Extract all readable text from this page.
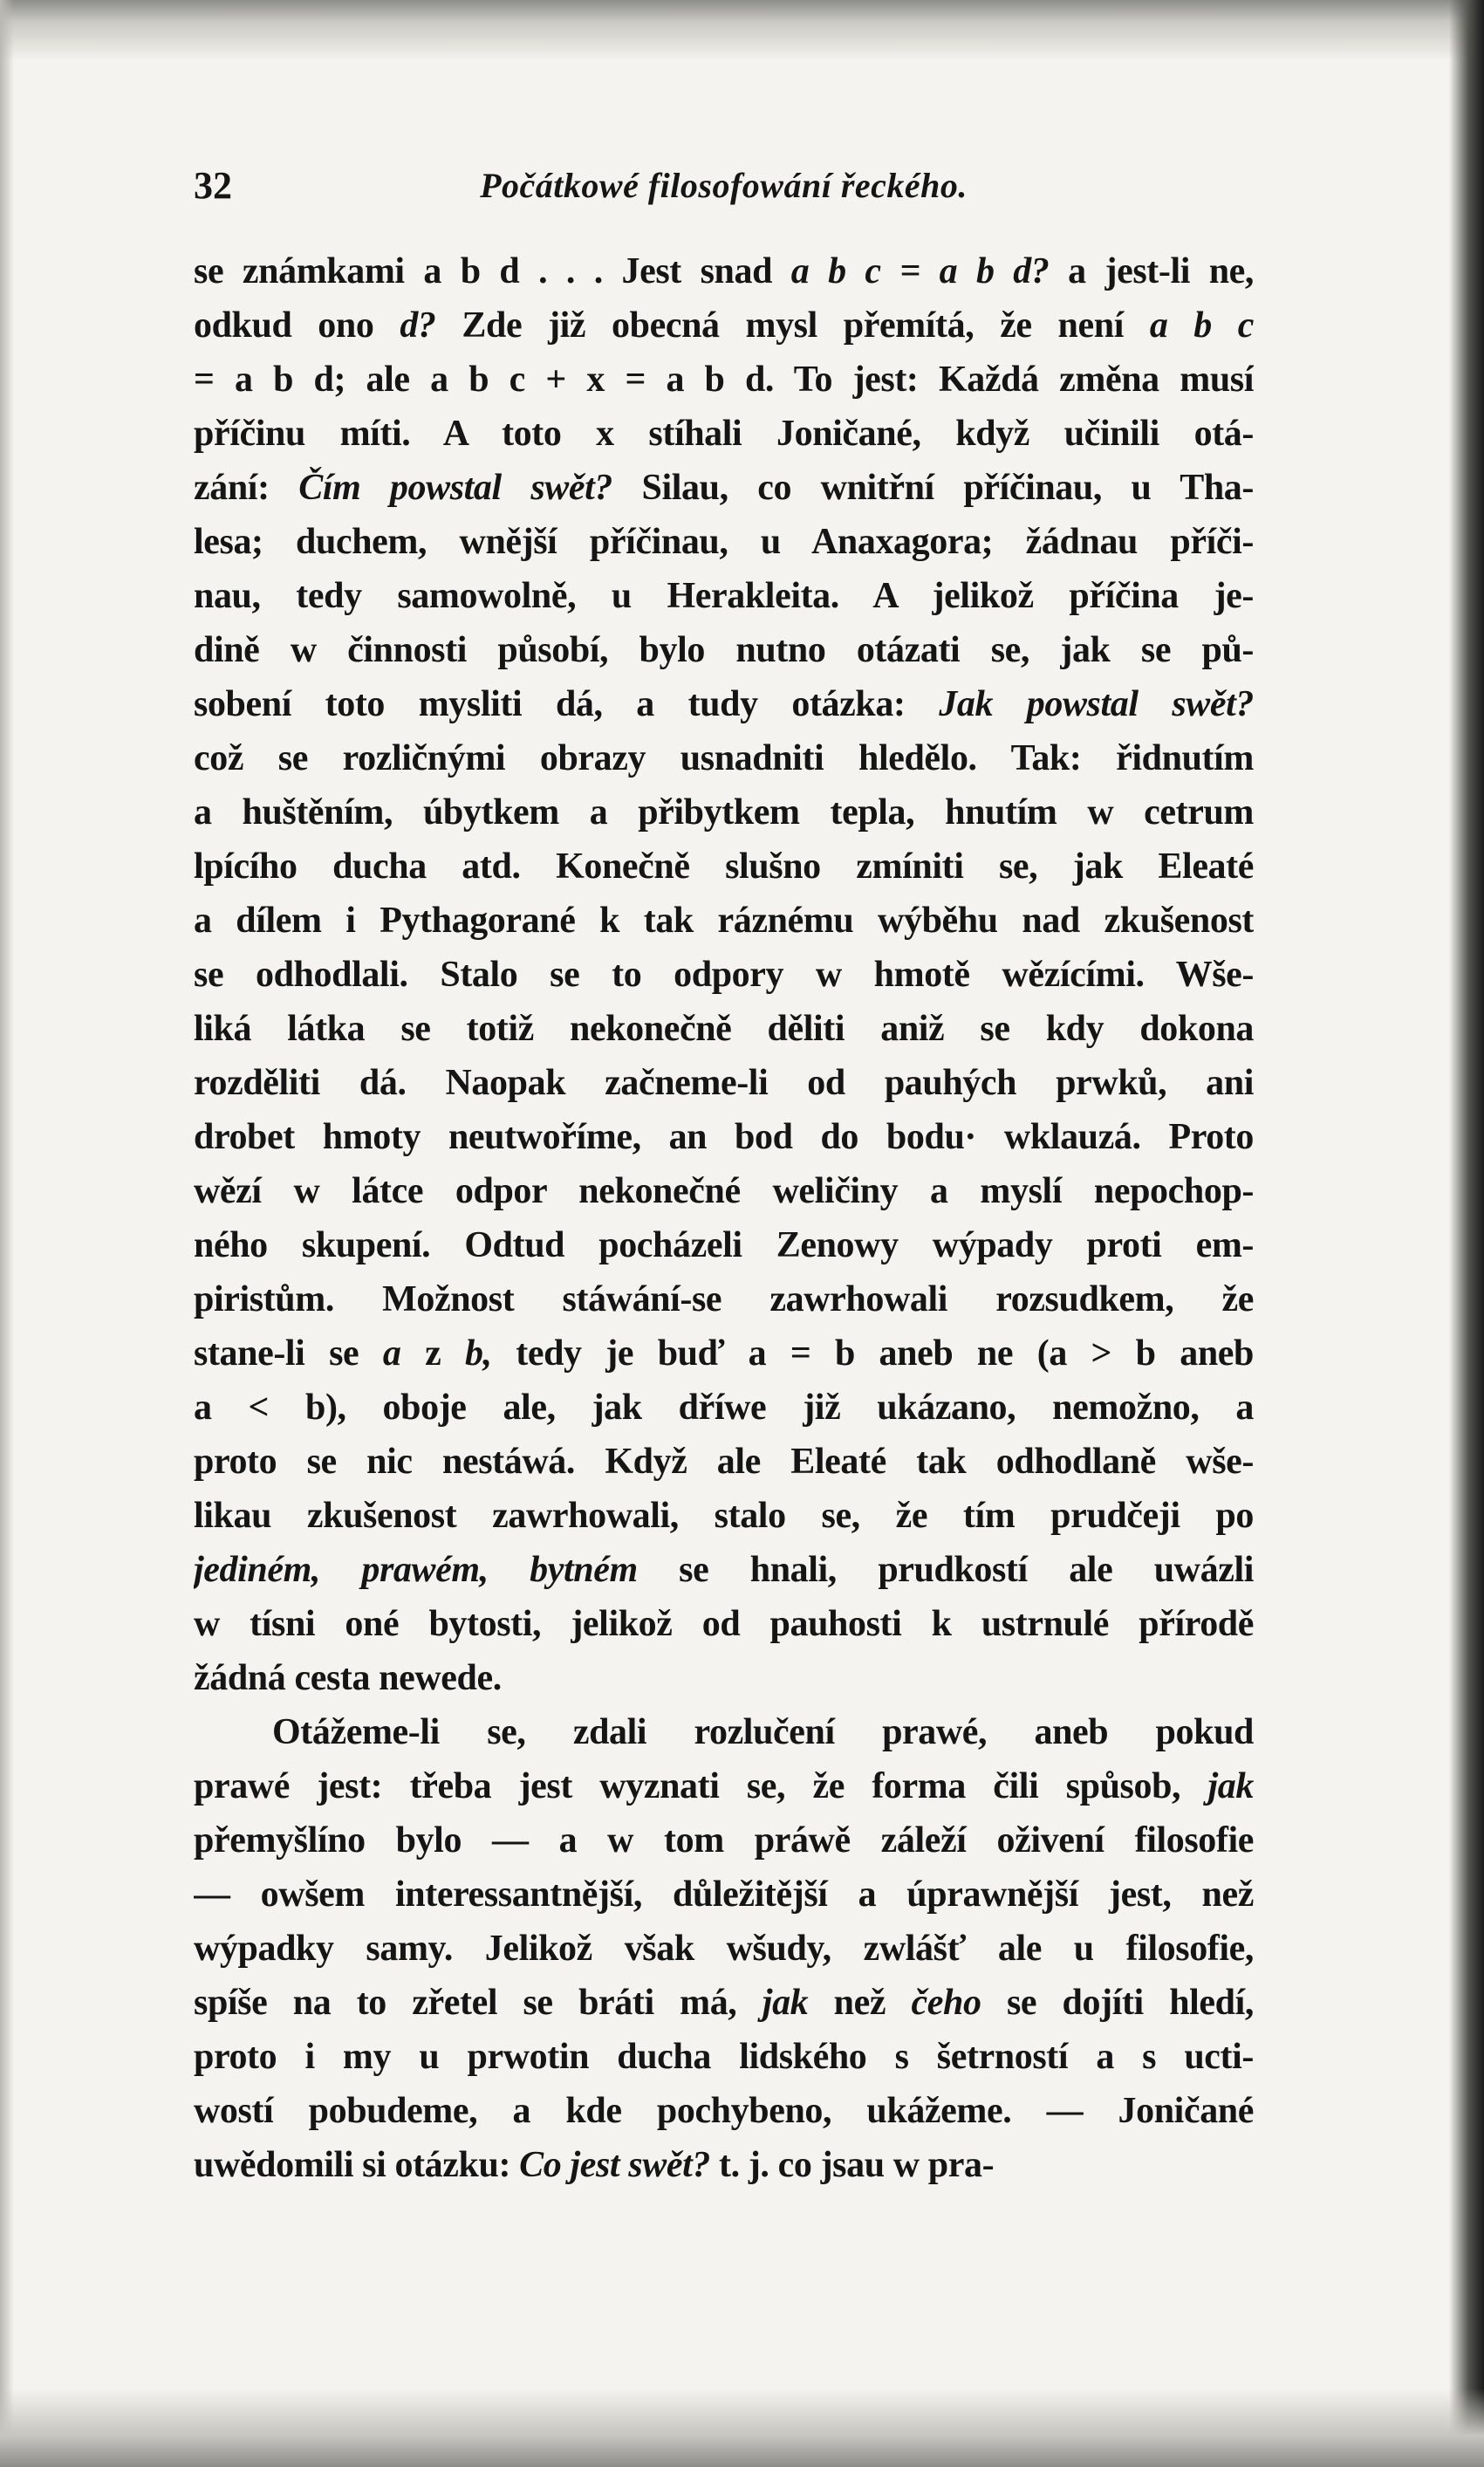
32	Počátkowé filosofowání řeckého.
se známkami a b d . . . Jest snad a b c = a b d? a jest-li ne,
odkud ono d? Zde již obecná mysl přemítá, že není a b c
= a b d; ale a b c + x = a b d. To jest: Každá změna musí
příčinu míti. A toto x stíhali Joničané, když učinili otá-
zání: Čím powstal swět? Silau, co wnitřní příčinau, u Tha-
lesa; duchem, wnější příčinau, u Anaxagora; žádnau příči-
nau, tedy samowolně, u Herakleita. A jelikož příčina je-
dině w činnosti působí, bylo nutno otázati se, jak se pů-
sobení toto mysliti dá, a tudy otázka: Jak powstal swět?
což se rozličnými obrazy usnadniti hledělo. Tak: řidnutím
a huštěním, úbytkem a přibytkem tepla, hnutím w cetrum
lpícího ducha atd. Konečně slušno zmíniti se, jak Eleaté
a dílem i Pythagorané k tak ráznému wýběhu nad zkušenost
se odhodlali. Stalo se to odpory w hmotě wězícími. Wše-
liká látka se totiž nekonečně děliti aniž se kdy dokona
rozděliti dá. Naopak začneme-li od pauhých prwků, ani
drobet hmoty neutwoříme, an bod do bodu· wklauzá. Proto
wězí w látce odpor nekonečné weličiny a myslí nepochop-
ného skupení. Odtud pocházeli Zenowy wýpady proti em-
piristům. Možnost stáwání-se zawrhowali rozsudkem, že
stane-li se a z b, tedy je buď a = b aneb ne (a > b aneb
a < b), oboje ale, jak dříwe již ukázano, nemožno, a
proto se nic nestáwá. Když ale Eleaté tak odhodlaně wše-
likau zkušenost zawrhowali, stalo se, že tím prudčeji po
jediném, prawém, bytném se hnali, prudkostí ale uwázli
w tísni oné bytosti, jelikož od pauhosti k ustrnulé přírodě
žádná cesta newede.
Otážeme-li se, zdali rozlučení prawé, aneb pokud
prawé jest: třeba jest wyznati se, že forma čili spůsob, jak
přemyšlíno bylo — a w tom práwě záleží oživení filosofie
— owšem interessantnější, důležitější a úprawnější jest, než
wýpadky samy. Jelikož však wšudy, zwlášť ale u filosofie,
spíše na to zřetel se bráti má, jak než čeho se dojíti hledí,
proto i my u prwotin ducha lidského s šetrností a s ucti-
wostí pobudeme, a kde pochybeno, ukážeme. — Joničané
uwědomili si otázku: Co jest swět? t. j. co jsau w pra-
